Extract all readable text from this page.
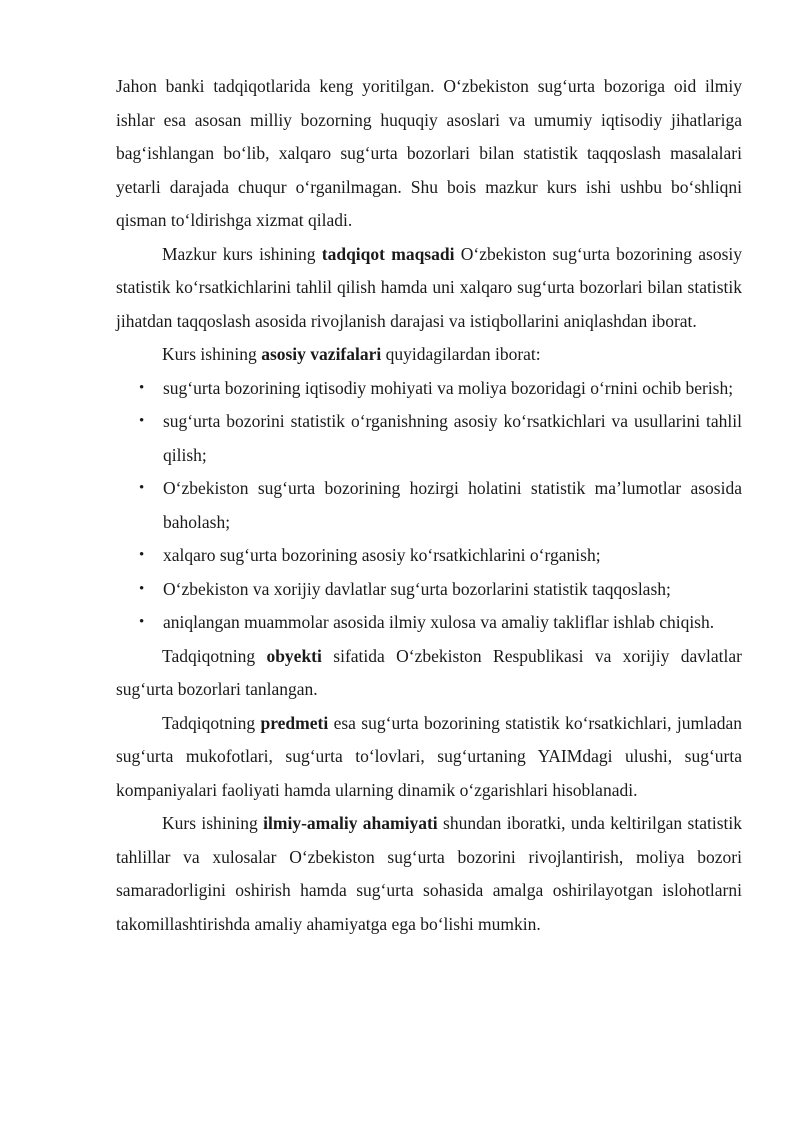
Jahon banki tadqiqotlarida keng yoritilgan. O‘zbekiston sug‘urta bozoriga oid ilmiy ishlar esa asosan milliy bozorning huquqiy asoslari va umumiy iqtisodiy jihatlariga bag‘ishlangan bo‘lib, xalqaro sug‘urta bozorlari bilan statistik taqqoslash masalalari yetarli darajada chuqur o‘rganilmagan. Shu bois mazkur kurs ishi ushbu bo‘shliqni qisman to‘ldirishga xizmat qiladi.

Mazkur kurs ishining tadqiqot maqsadi O‘zbekiston sug‘urta bozorining asosiy statistik ko‘rsatkichlarini tahlil qilish hamda uni xalqaro sug‘urta bozorlari bilan statistik jihatdan taqqoslash asosida rivojlanish darajasi va istiqbollarini aniqlashdan iborat.

Kurs ishining asosiy vazifalari quyidagilardan iborat:

• sug‘urta bozorining iqtisodiy mohiyati va moliya bozoridagi o‘rnini ochib berish;
• sug‘urta bozorini statistik o‘rganishning asosiy ko‘rsatkichlari va usullarini tahlil qilish;
• O‘zbekiston sug‘urta bozorining hozirgi holatini statistik ma’lumotlar asosida baholash;
• xalqaro sug‘urta bozorining asosiy ko‘rsatkichlarini o‘rganish;
• O‘zbekiston va xorijiy davlatlar sug‘urta bozorlarini statistik taqqoslash;
• aniqlangan muammolar asosida ilmiy xulosa va amaliy takliflar ishlab chiqish.

Tadqiqotning obyekti sifatida O‘zbekiston Respublikasi va xorijiy davlatlar sug‘urta bozorlari tanlangan.

Tadqiqotning predmeti esa sug‘urta bozorining statistik ko‘rsatkichlari, jumladan sug‘urta mukofotlari, sug‘urta to‘lovlari, sug‘urtaning YAIMdagi ulushi, sug‘urta kompaniyalari faoliyati hamda ularning dinamik o‘zgarishlari hisoblanadi.

Kurs ishining ilmiy-amaliy ahamiyati shundan iboratki, unda keltirilgan statistik tahlillar va xulosalar O‘zbekiston sug‘urta bozorini rivojlantirish, moliya bozori samaradorligini oshirish hamda sug‘urta sohasida amalga oshirilayotgan islohotlarni takomillashtirishda amaliy ahamiyatga ega bo‘lishi mumkin.
